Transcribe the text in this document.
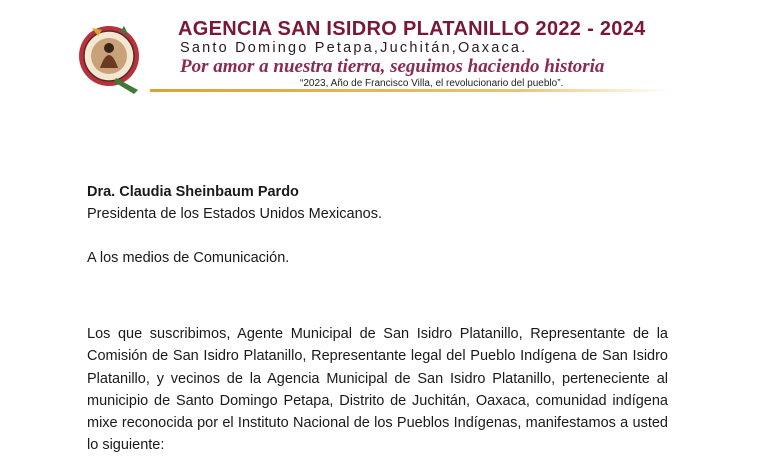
AGENCIA SAN ISIDRO PLATANILLO 2022 - 2024
Santo Domingo Petapa,Juchitán,Oaxaca.
Por amor a nuestra tierra, seguimos haciendo historia
“2023, Año de Francisco Villa, el revolucionario del pueblo”.
Dra. Claudia Sheinbaum Pardo
Presidenta de los Estados Unidos Mexicanos.
A los medios de Comunicación.
Los que suscribimos, Agente Municipal de San Isidro Platanillo, Representante de la Comisión de San Isidro Platanillo, Representante legal del Pueblo Indígena de San Isidro Platanillo, y vecinos de la Agencia Municipal de San Isidro Platanillo, perteneciente al municipio de Santo Domingo Petapa, Distrito de Juchitán, Oaxaca, comunidad indígena mixe reconocida por el Instituto Nacional de los Pueblos Indígenas, manifestamos a usted lo siguiente:
